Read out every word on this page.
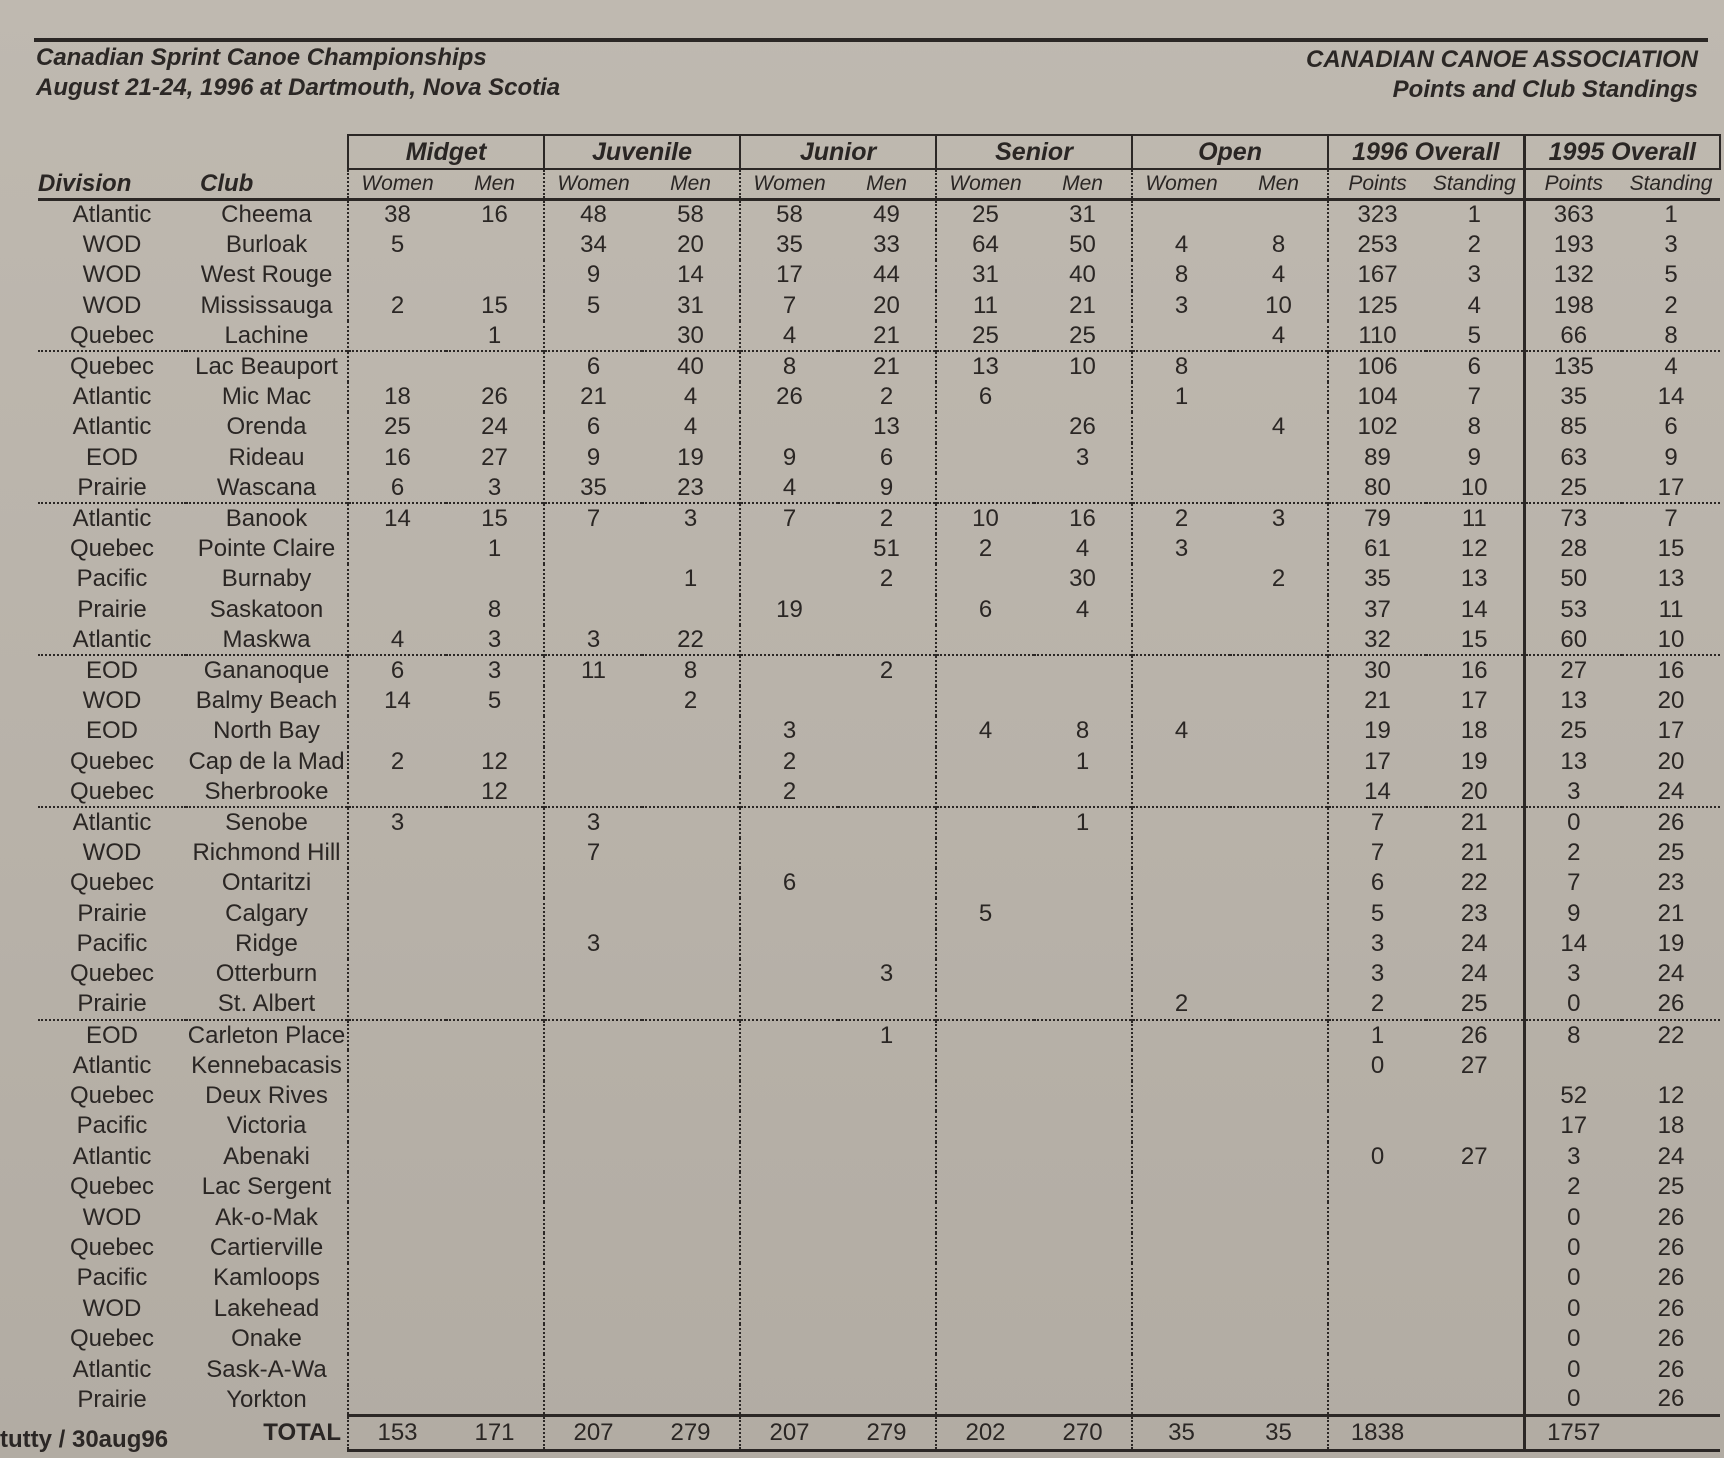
Canadian Sprint Canoe Championships
August 21-24, 1996 at Dartmouth, Nova Scotia
CANADIAN CANOE ASSOCIATION
Points and Club Standings
		Midget		Juvenile		Junior		Senior		Open		1996 Overall		1995 Overall	
Division	Club	Women	Men	Women	Men	Women	Men	Women	Men	Women	Men	Points	Standing	Points	Standing
Atlantic	Cheema	38	16	48	58	58	49	25	31			323	1	363	1
WOD	Burloak	5		34	20	35	33	64	50	4	8	253	2	193	3
WOD	West Rouge			9	14	17	44	31	40	8	4	167	3	132	5
WOD	Mississauga	2	15	5	31	7	20	11	21	3	10	125	4	198	2
Quebec	Lachine		1		30	4	21	25	25		4	110	5	66	8
Quebec	Lac Beauport			6	40	8	21	13	10	8		106	6	135	4
Atlantic	Mic Mac	18	26	21	4	26	2	6		1		104	7	35	14
Atlantic	Orenda	25	24	6	4		13		26		4	102	8	85	6
EOD	Rideau	16	27	9	19	9	6		3			89	9	63	9
Prairie	Wascana	6	3	35	23	4	9					80	10	25	17
Atlantic	Banook	14	15	7	3	7	2	10	16	2	3	79	11	73	7
Quebec	Pointe Claire		1				51	2	4	3		61	12	28	15
Pacific	Burnaby				1		2		30		2	35	13	50	13
Prairie	Saskatoon		8			19		6	4			37	14	53	11
Atlantic	Maskwa	4	3	3	22							32	15	60	10
EOD	Gananoque	6	3	11	8		2					30	16	27	16
WOD	Balmy Beach	14	5		2							21	17	13	20
EOD	North Bay					3		4	8	4		19	18	25	17
Quebec	Cap de la Mad	2	12			2			1			17	19	13	20
Quebec	Sherbrooke		12			2						14	20	3	24
Atlantic	Senobe	3		3					1			7	21	0	26
WOD	Richmond Hill			7								7	21	2	25
Quebec	Ontaritzi					6						6	22	7	23
Prairie	Calgary							5				5	23	9	21
Pacific	Ridge			3								3	24	14	19
Quebec	Otterburn						3					3	24	3	24
Prairie	St. Albert									2		2	25	0	26
EOD	Carleton Place						1					1	26	8	22
Atlantic	Kennebacasis											0	27		
Quebec	Deux Rives													52	12
Pacific	Victoria													17	18
Atlantic	Abenaki											0	27	3	24
Quebec	Lac Sergent													2	25
WOD	Ak-o-Mak													0	26
Quebec	Cartierville													0	26
Pacific	Kamloops													0	26
WOD	Lakehead													0	26
Quebec	Onake													0	26
Atlantic	Sask-A-Wa													0	26
Prairie	Yorkton													0	26
	TOTAL	153	171	207	279	207	279	202	270	35	35	1838		1757	
tutty / 30aug96
